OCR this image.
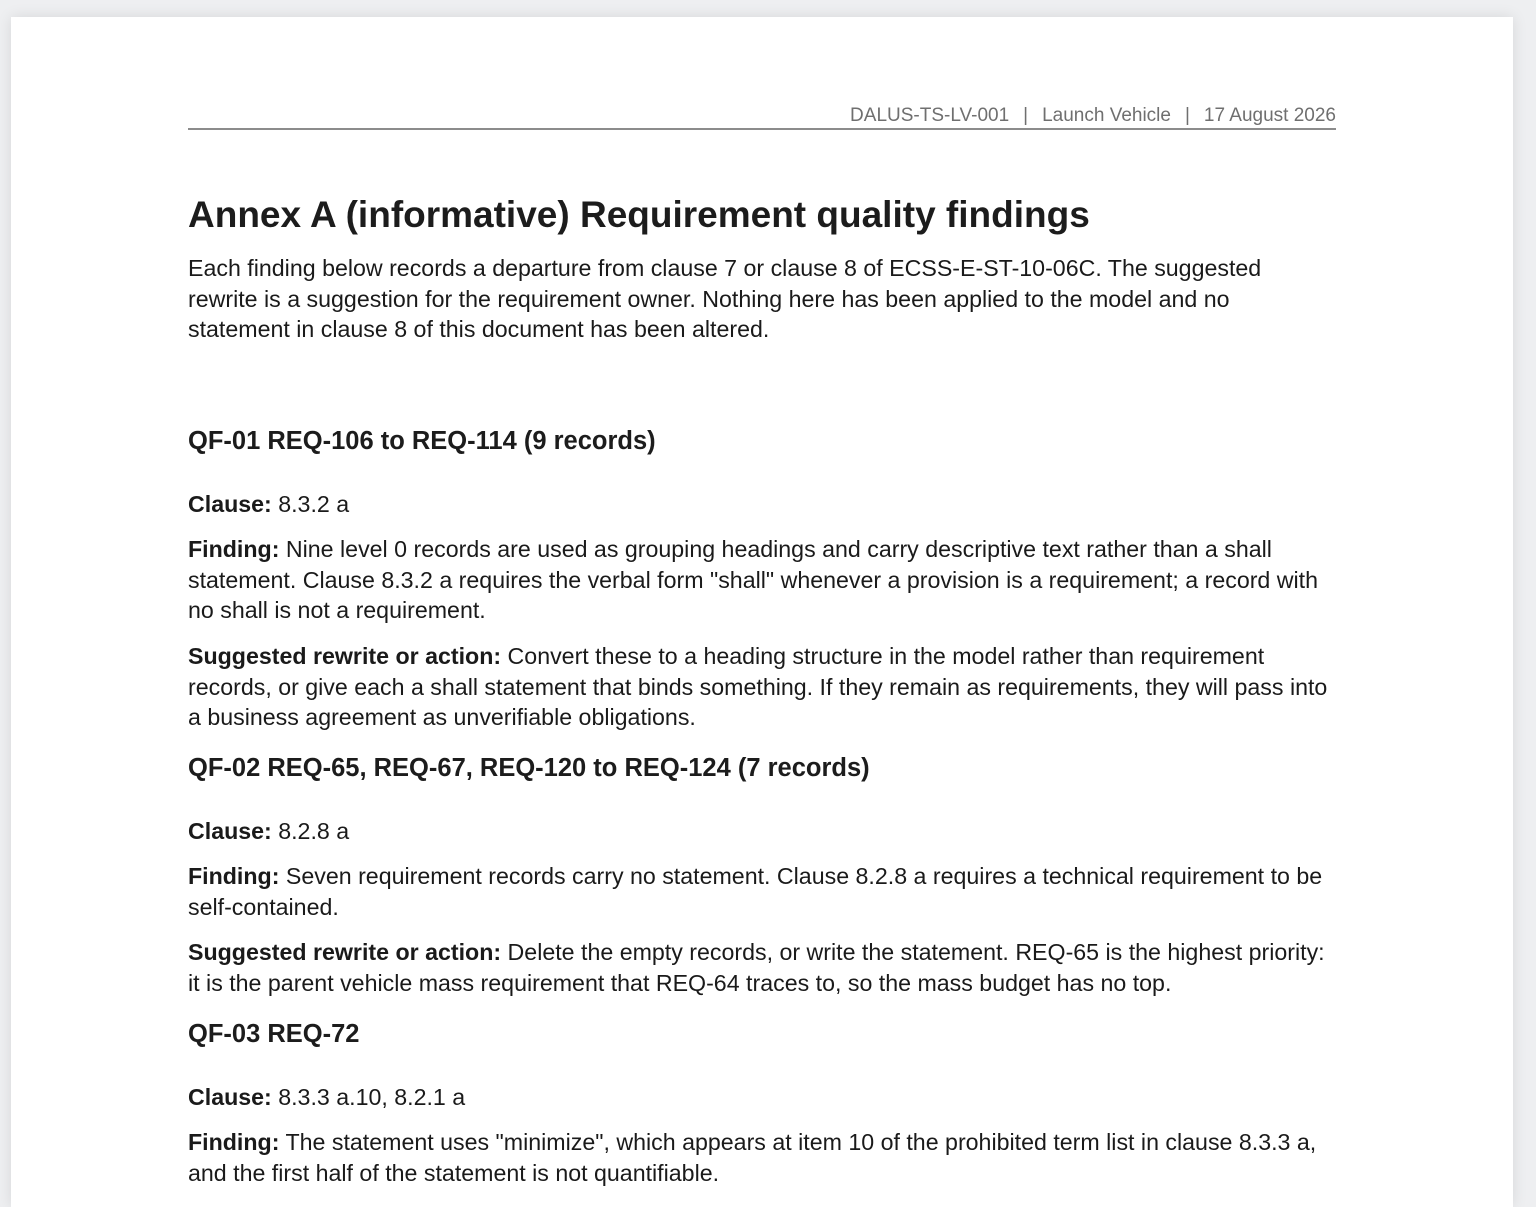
DALUS-TS-LV-001 | Launch Vehicle | 17 August 2026
Annex A (informative) Requirement quality findings

Each finding below records a departure from clause 7 or clause 8 of ECSS-E-ST-10-06C. The suggested rewrite is a suggestion for the requirement owner. Nothing here has been applied to the model and no statement in clause 8 of this document has been altered.

QF-01 REQ-106 to REQ-114 (9 records)

Clause: 8.3.2 a

Finding: Nine level 0 records are used as grouping headings and carry descriptive text rather than a shall statement. Clause 8.3.2 a requires the verbal form "shall" whenever a provision is a requirement; a record with no shall is not a requirement.

Suggested rewrite or action: Convert these to a heading structure in the model rather than requirement records, or give each a shall statement that binds something. If they remain as requirements, they will pass into a business agreement as unverifiable obligations.

QF-02 REQ-65, REQ-67, REQ-120 to REQ-124 (7 records)

Clause: 8.2.8 a

Finding: Seven requirement records carry no statement. Clause 8.2.8 a requires a technical requirement to be self-contained.

Suggested rewrite or action: Delete the empty records, or write the statement. REQ-65 is the highest priority: it is the parent vehicle mass requirement that REQ-64 traces to, so the mass budget has no top.

QF-03 REQ-72

Clause: 8.3.3 a.10, 8.2.1 a

Finding: The statement uses "minimize", which appears at item 10 of the prohibited term list in clause 8.3.3 a, and the first half of the statement is not quantifiable.
